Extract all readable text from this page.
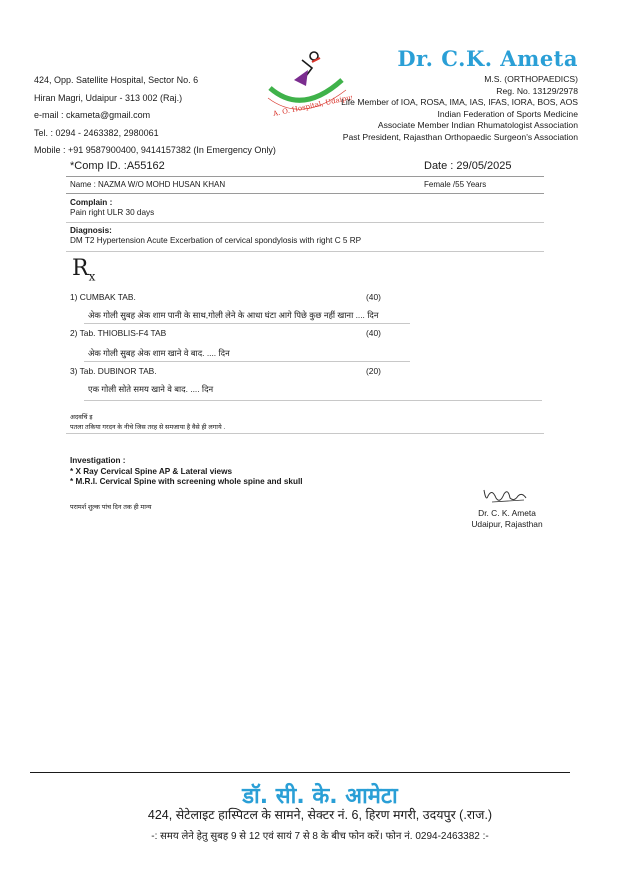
424, Opp. Satellite Hospital, Sector No. 6
Hiran Magri, Udaipur - 313 002 (Raj.)
e-mail : ckameta@gmail.com
Tel. : 0294 - 2463382, 2980061
Mobile : +91 9587900400, 9414157382 (In Emergency Only)
A. O. Hospital, Udaipur
Dr. C.K. Ameta
M.S. (ORTHOPAEDICS)
Reg. No. 13129/2978
Life Member of IOA, ROSA, IMA, IAS, IFAS, IORA, BOS, AOS
Indian Federation of Sports Medicine
Associate Member Indian Rhumatologist Association
Past President, Rajasthan Orthopaedic Surgeon's Association
*Comp ID. :A55162	Date : 29/05/2025
Name : NAZMA W/O MOHD HUSAN KHAN	Female /55 Years
Complain :
Pain right ULR 30 days
Diagnosis:
DM T2 Hypertension Acute Excerbation of cervical spondylosis with right C 5 RP
$R_x$
1) CUMBAK TAB.	(40)
अेक गोली सुबह अेक शाम पानी के साथ,गोली लेने के आधा घंटा आगे पिछे कुछ नहीं खाना .... दिन
2) Tab. THIOBLIS-F4 TAB	(40)
अेक गोली सुबह अेक शाम खाने वे बाद. .... दिन
3) Tab. DUBINOR TAB.	(20)
एक गोली सोते समय खाने वे बाद. .... दिन
अदवचिं इ
पतला तकिया गरदन के नीचे जिस तरह से समजाया है वैसे ही लगाये .
Investigation :
* X Ray Cervical Spine AP & Lateral views
* M.R.I. Cervical Spine with screening whole spine and skull
परामर्श शुल्क पांच दिन तक ही मान्य
Dr. C. K. Ameta
Udaipur, Rajasthan
डॉ. सी. के. आमेटा
424, सेटेलाइट हास्पिटल के सामने, सेक्टर नं. 6, हिरण मगरी, उदयपुर (.राज.)
-: समय लेने हेतु सुबह 9 से 12 एवं सायं 7 से 8 के बीच फोन करें। फोन नं. 0294-2463382 :-
